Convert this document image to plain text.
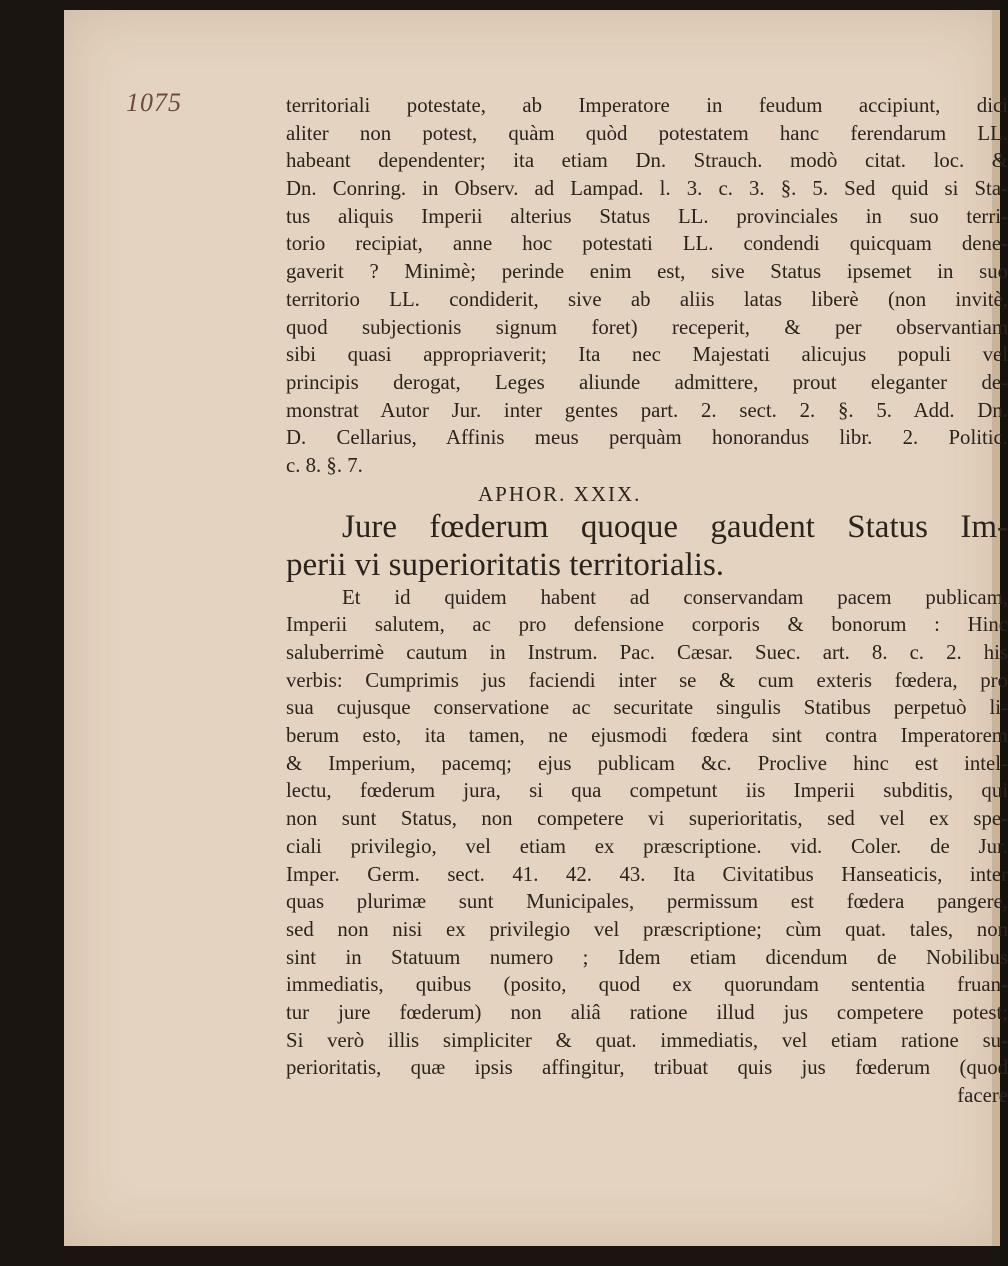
1075	territoriali potestate, ab Imperatore in feudum accipiunt, dici
aliter non potest, quàm quòd potestatem hanc ferendarum LL.
habeant dependenter; ita etiam Dn. Strauch. modò citat. loc. &
Dn. Conring. in Observ. ad Lampad. l. 3. c. 3. §. 5. Sed quid si Sta-
tus aliquis Imperii alterius Status LL. provinciales in suo terri-
torio recipiat, anne hoc potestati LL. condendi quicquam dene-
gaverit ? Minimè; perinde enim est, sive Status ipsemet in suo
territorio LL. condiderit, sive ab aliis latas liberè (non invitè,
quod subjectionis signum foret) receperit, & per observantiam
sibi quasi appropriaverit; Ita nec Majestati alicujus populi vel
principis derogat, Leges aliunde admittere, prout eleganter de-
monstrat Autor Jur. inter gentes part. 2. sect. 2. §. 5. Add. Dn.
D. Cellarius, Affinis meus perquàm honorandus libr. 2. Politic.
c. 8. §. 7.
APHOR. XXIX.
Jure fœderum quoque gaudent Status Im-
perii vi superioritatis territorialis.
Et id quidem habent ad conservandam pacem publicam,
Imperii salutem, ac pro defensione corporis & bonorum : Hinc
saluberrimè cautum in Instrum. Pac. Cæsar. Suec. art. 8. c. 2. his
verbis: Cumprimis jus faciendi inter se & cum exteris fœdera, pro
sua cujusque conservatione ac securitate singulis Statibus perpetuò li-
berum esto, ita tamen, ne ejusmodi fœdera sint contra Imperatorem
& Imperium, pacemq; ejus publicam &c. Proclive hinc est intel-
lectu, fœderum jura, si qua competunt iis Imperii subditis, qui
non sunt Status, non competere vi superioritatis, sed vel ex spe-
ciali privilegio, vel etiam ex præscriptione. vid. Coler. de Jur.
Imper. Germ. sect. 41. 42. 43. Ita Civitatibus Hanseaticis, inter
quas plurimæ sunt Municipales, permissum est fœdera pangere,
sed non nisi ex privilegio vel præscriptione; cùm quat. tales, non
sint in Statuum numero ; Idem etiam dicendum de Nobilibus
immediatis, quibus (posito, quod ex quorundam sententia fruan-
tur jure fœderum) non aliâ ratione illud jus competere potest;
Si verò illis simpliciter & quat. immediatis, vel etiam ratione su-
perioritatis, quæ ipsis affingitur, tribuat quis jus fœderum (quod
facere
